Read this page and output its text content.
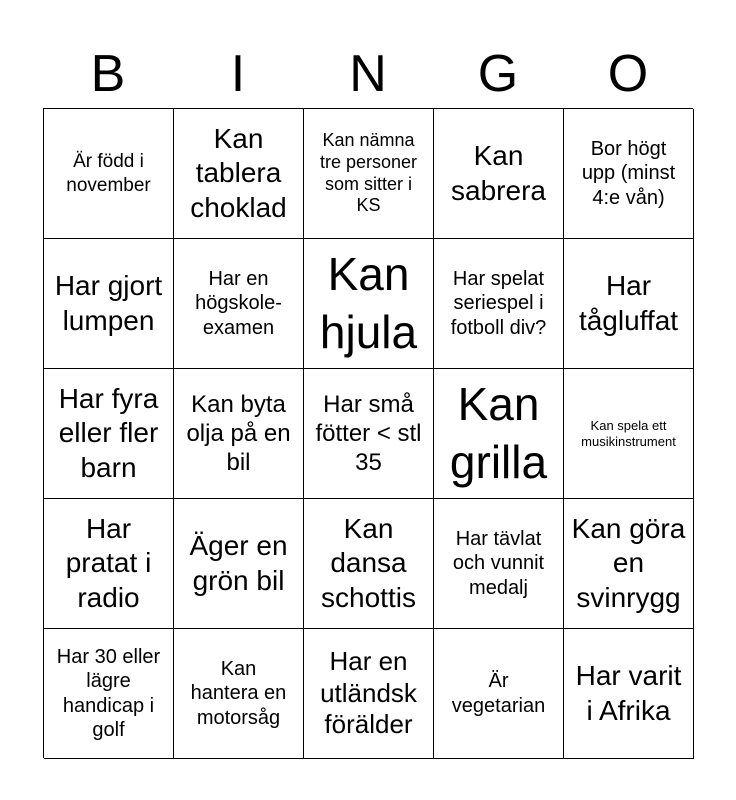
B	I	N	G	O
Är född i november
Kan tablera choklad
Kan nämna tre personer som sitter i KS
Kan sabrera
Bor högt upp (minst 4:e vån)
Har gjort lumpen
Har en högskole-examen
Kan hjula
Har spelat seriespel i fotboll div?
Har tågluffat
Har fyra eller fler barn
Kan byta olja på en bil
Har små fötter < stl 35
Kan grilla
Kan spela ett musikinstrument
Har pratat i radio
Äger en grön bil
Kan dansa schottis
Har tävlat och vunnit medalj
Kan göra en svinrygg
Har 30 eller lägre handicap i golf
Kan hantera en motorsåg
Har en utländsk förälder
Är vegetarian
Har varit i Afrika
